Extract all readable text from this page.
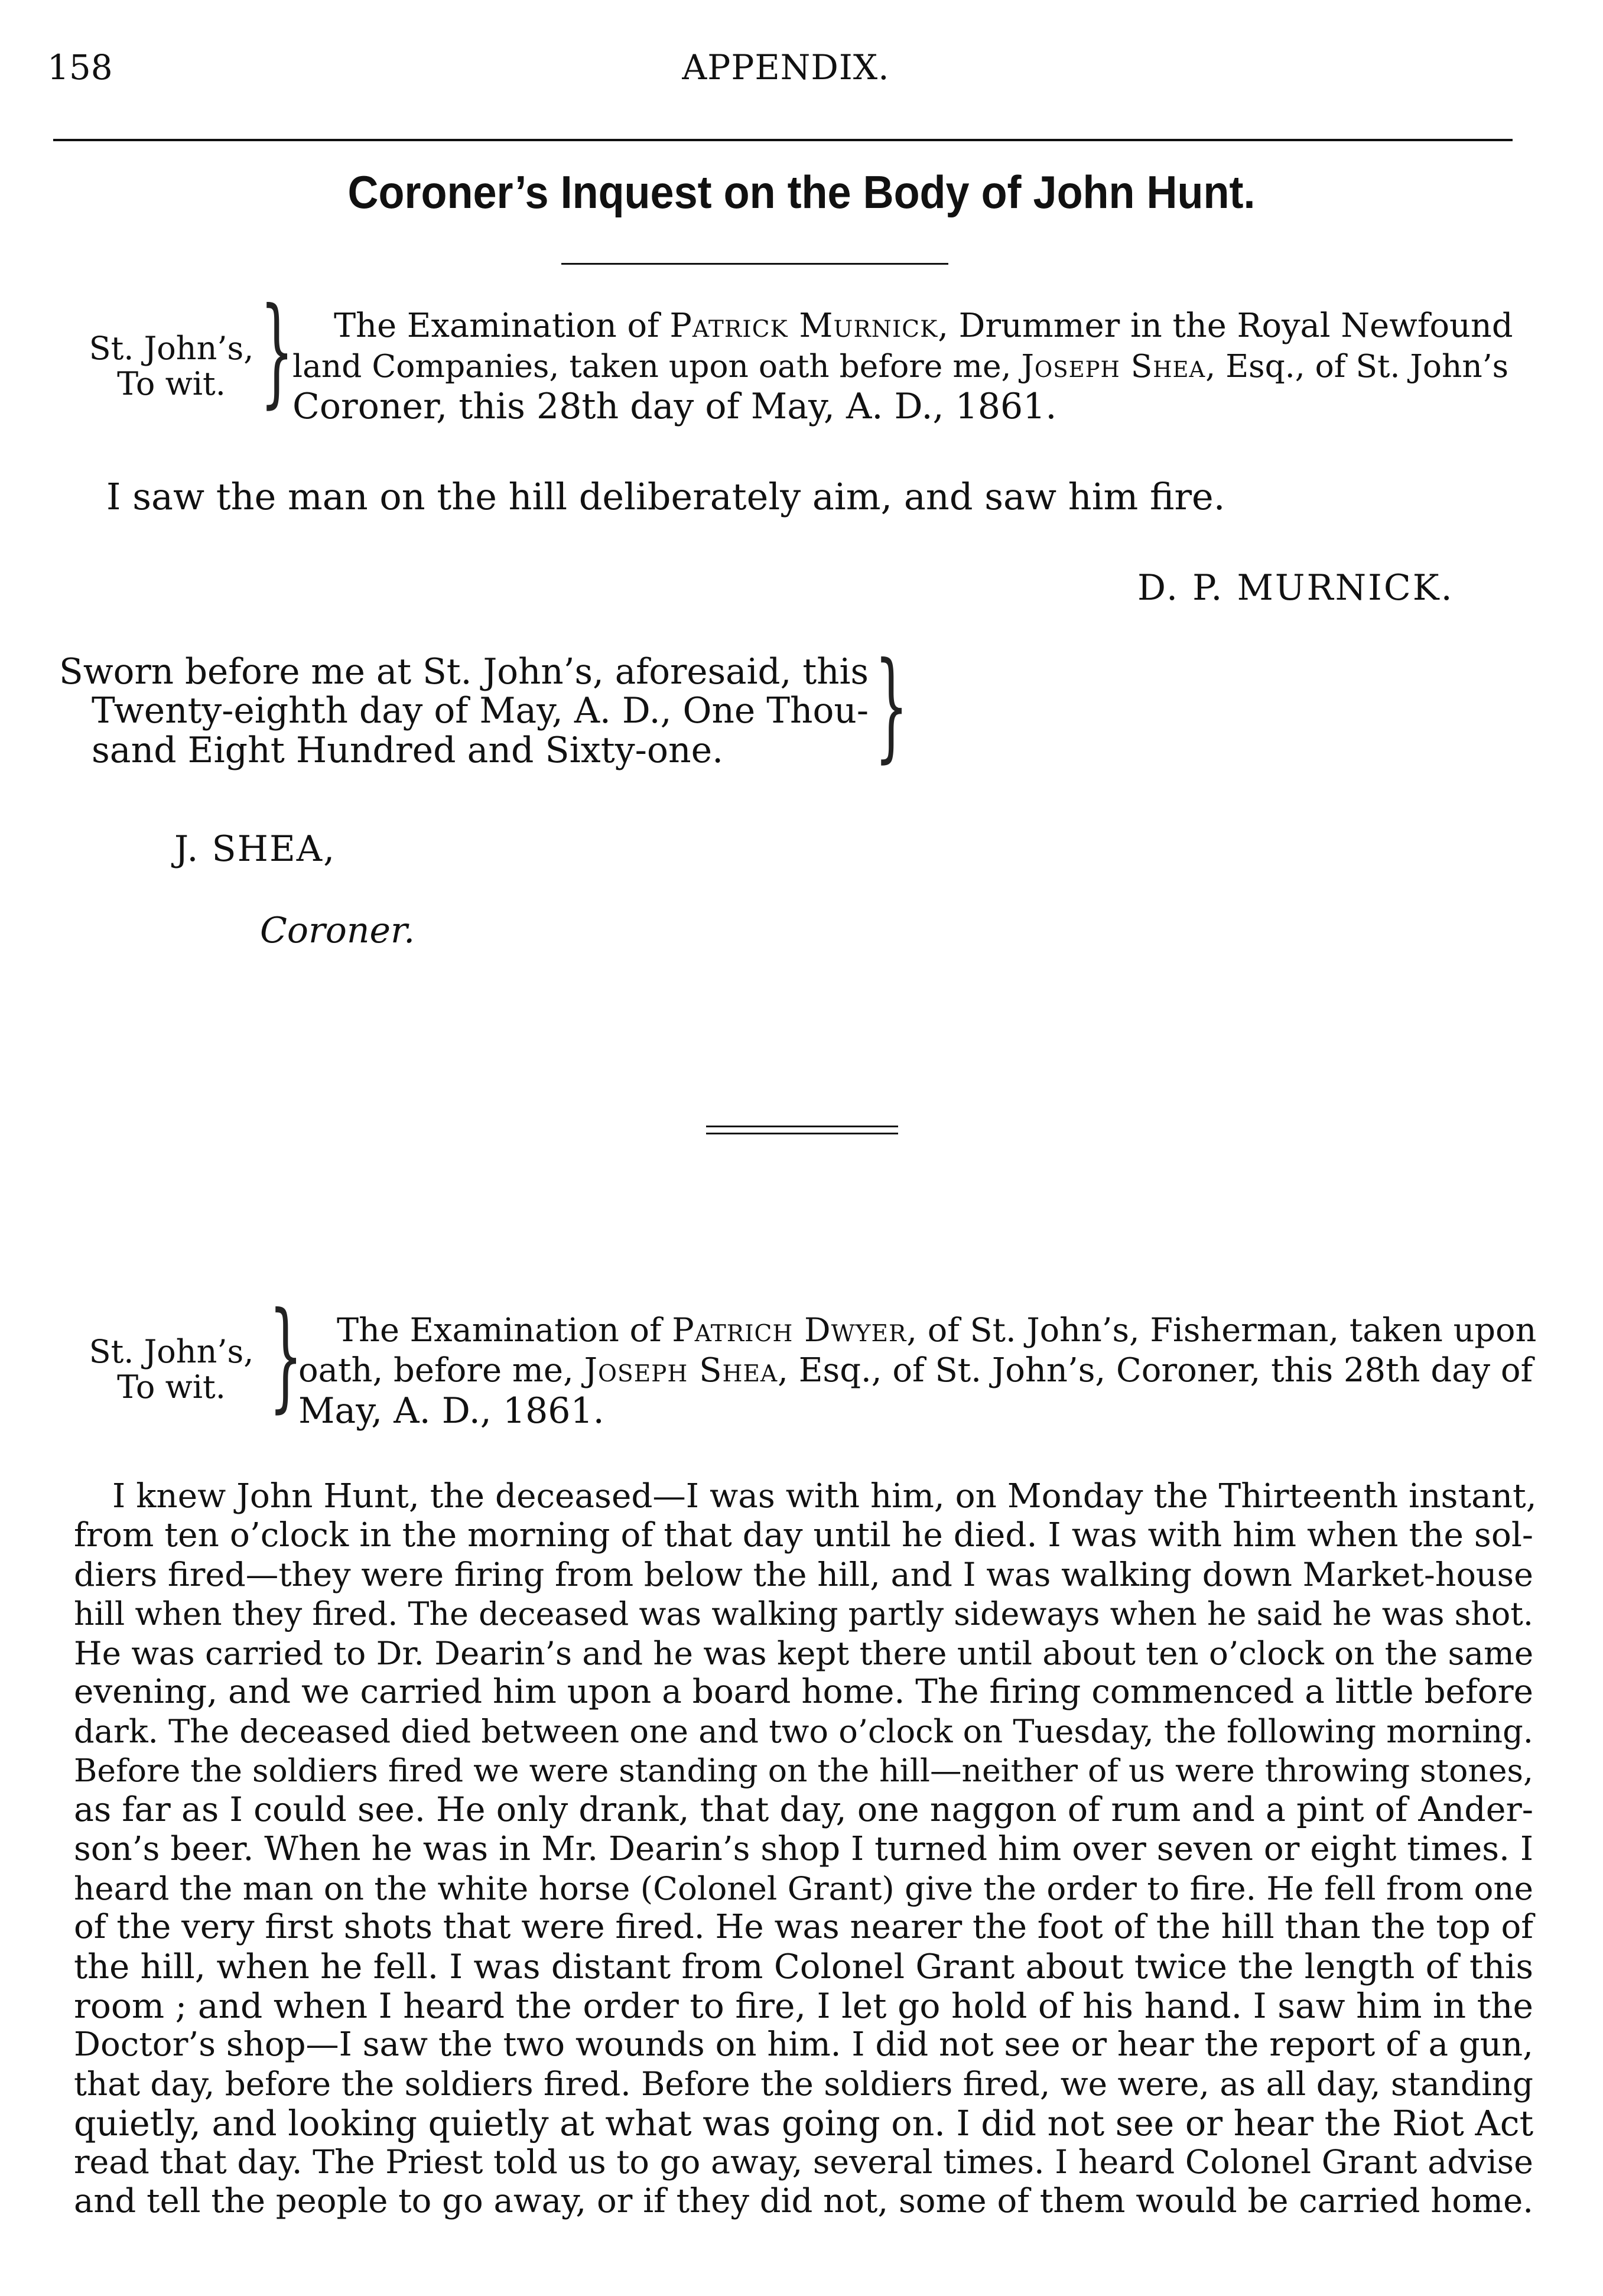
158	APPENDIX.
Coroner’s Inquest on the Body of John Hunt.
St. John’s,
To wit. }	The Examination of Patrick Murnick, Drummer in the Royal Newfound
land Companies, taken upon oath before me, Joseph Shea, Esq., of St. John’s
Coroner, this 28th day of May, A. D., 1861.
I saw the man on the hill deliberately aim, and saw him fire.
D. P. MURNICK.
Sworn before me at St. John’s, aforesaid, this
Twenty-eighth day of May, A. D., One Thou-
sand Eight Hundred and Sixty-one.	}
J. SHEA,
Coroner.
St. John’s,
To wit. }	The Examination of Patrich Dwyer, of St. John’s, Fisherman, taken upon
oath, before me, Joseph Shea, Esq., of St. John’s, Coroner, this 28th day of
May, A. D., 1861.
I knew John Hunt, the deceased—I was with him, on Monday the Thirteenth instant,
from ten o’clock in the morning of that day until he died. I was with him when the sol-
diers fired—they were firing from below the hill, and I was walking down Market-house
hill when they fired. The deceased was walking partly sideways when he said he was shot.
He was carried to Dr. Dearin’s and he was kept there until about ten o’clock on the same
evening, and we carried him upon a board home. The firing commenced a little before
dark. The deceased died between one and two o’clock on Tuesday, the following morning.
Before the soldiers fired we were standing on the hill—neither of us were throwing stones,
as far as I could see. He only drank, that day, one naggon of rum and a pint of Ander-
son’s beer. When he was in Mr. Dearin’s shop I turned him over seven or eight times. I
heard the man on the white horse (Colonel Grant) give the order to fire. He fell from one
of the very first shots that were fired. He was nearer the foot of the hill than the top of
the hill, when he fell. I was distant from Colonel Grant about twice the length of this
room ; and when I heard the order to fire, I let go hold of his hand. I saw him in the
Doctor’s shop—I saw the two wounds on him. I did not see or hear the report of a gun,
that day, before the soldiers fired. Before the soldiers fired, we were, as all day, standing
quietly, and looking quietly at what was going on. I did not see or hear the Riot Act
read that day. The Priest told us to go away, several times. I heard Colonel Grant advise
and tell the people to go away, or if they did not, some of them would be carried home.
